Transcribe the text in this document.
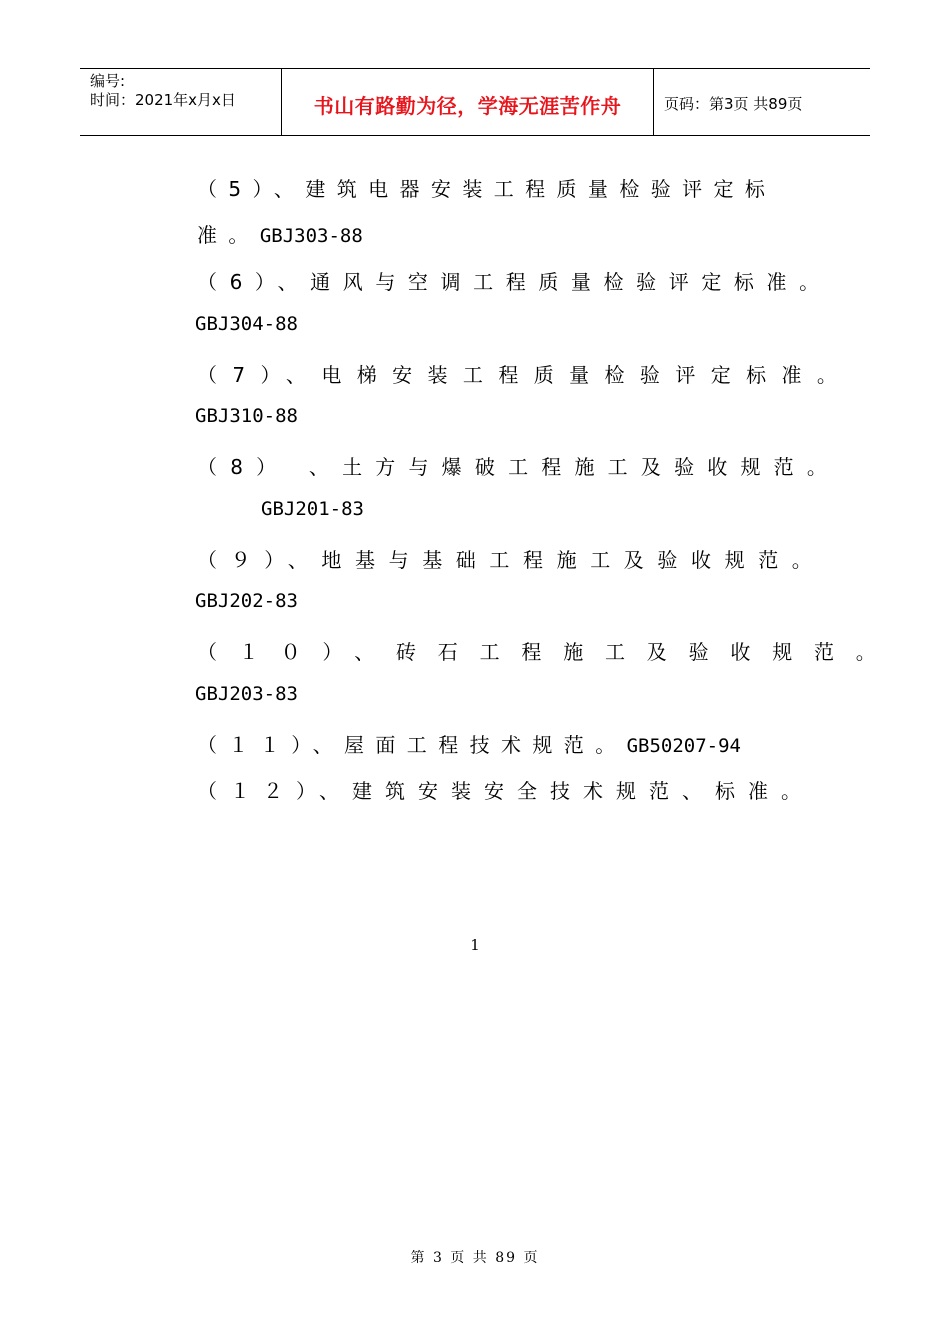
编号:
时间：2021年x月x日	书山有路勤为径，学海无涯苦作舟	页码：第3页 共89页
（5）、建筑电器安装工程质量检验评定标
准。GBJ303-88
（6）、通风与空调工程质量检验评定标准。
GBJ304-88
（7）、电梯安装工程质量检验评定标准。
GBJ310-88
（8） 、土方与爆破工程施工及验收规范。
GBJ201-83
（９）、地基与基础工程施工及验收规范。
GBJ202-83
（１０）、砖石工程施工及验收规范。
GBJ203-83
（１１）、屋面工程技术规范。GB50207-94
（１２）、建筑安装安全技术规范、标准。
1
第 3 页 共 89 页
